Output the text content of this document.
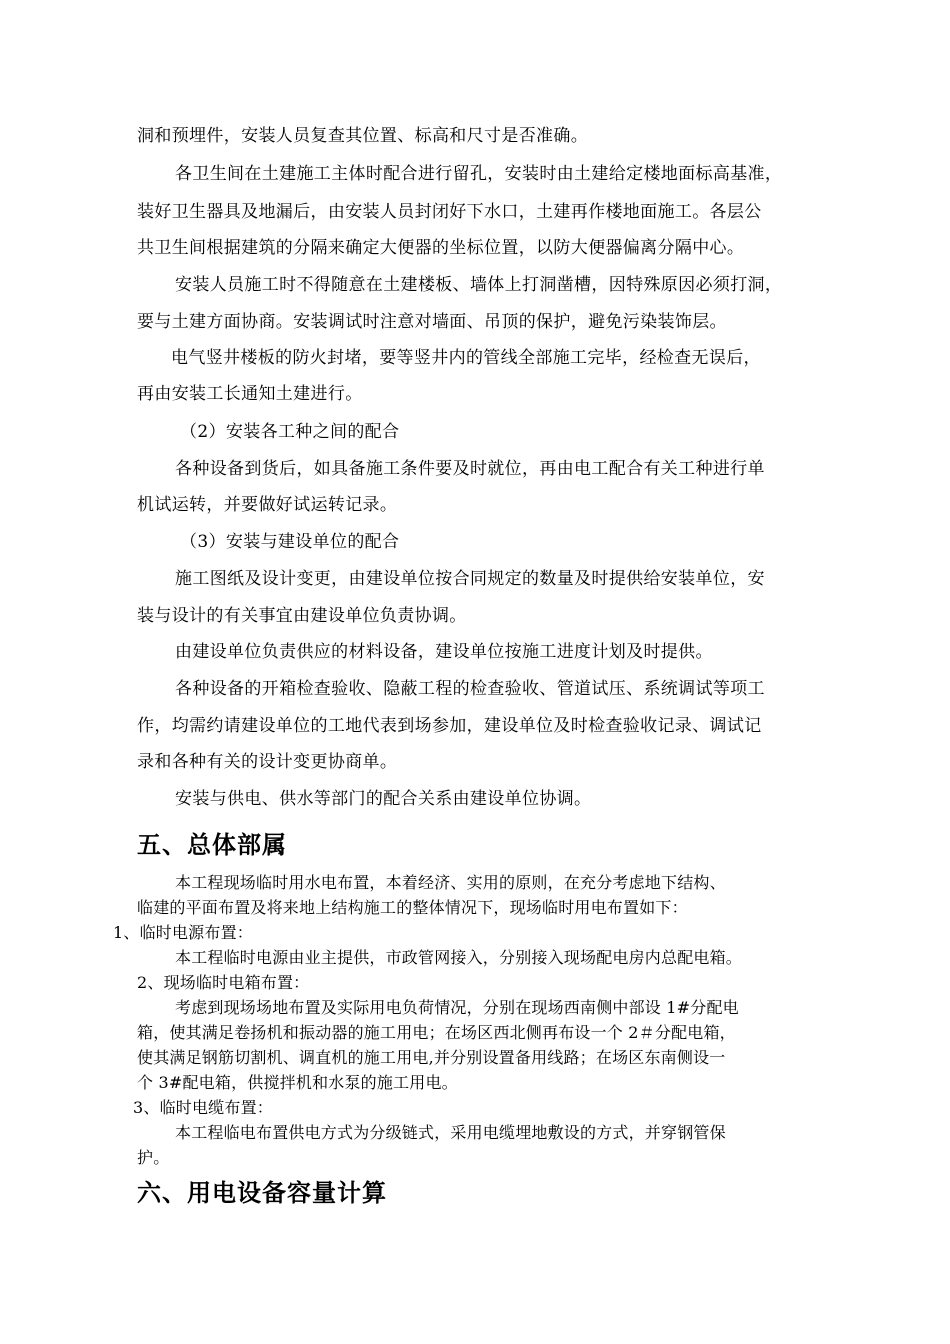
洞和预埋件，安装人员复查其位置、标高和尺寸是否准确。
各卫生间在土建施工主体时配合进行留孔，安装时由土建给定楼地面标高基准，
装好卫生器具及地漏后，由安装人员封闭好下水口，土建再作楼地面施工。各层公
共卫生间根据建筑的分隔来确定大便器的坐标位置，以防大便器偏离分隔中心。
安装人员施工时不得随意在土建楼板、墙体上打洞凿槽，因特殊原因必须打洞，
要与土建方面协商。安装调试时注意对墙面、吊顶的保护，避免污染装饰层。
电气竖井楼板的防火封堵，要等竖井内的管线全部施工完毕，经检查无误后，
再由安装工长通知土建进行。
（2）安装各工种之间的配合
各种设备到货后，如具备施工条件要及时就位，再由电工配合有关工种进行单
机试运转，并要做好试运转记录。
（3）安装与建设单位的配合
施工图纸及设计变更，由建设单位按合同规定的数量及时提供给安装单位，安
装与设计的有关事宜由建设单位负责协调。
由建设单位负责供应的材料设备，建设单位按施工进度计划及时提供。
各种设备的开箱检查验收、隐蔽工程的检查验收、管道试压、系统调试等项工
作，均需约请建设单位的工地代表到场参加，建设单位及时检查验收记录、调试记
录和各种有关的设计变更协商单。
安装与供电、供水等部门的配合关系由建设单位协调。
五、总体部属
本工程现场临时用水电布置，本着经济、实用的原则，在充分考虑地下结构、
临建的平面布置及将来地上结构施工的整体情况下，现场临时用电布置如下：
1、临时电源布置：
本工程临时电源由业主提供，市政管网接入，分别接入现场配电房内总配电箱。
2、现场临时电箱布置：
考虑到现场场地布置及实际用电负荷情况，分别在现场西南侧中部设 1#分配电
箱，使其满足卷扬机和振动器的施工用电；在场区西北侧再布设一个 2＃分配电箱，
使其满足钢筋切割机、调直机的施工用电,并分别设置备用线路；在场区东南侧设一
个 3#配电箱，供搅拌机和水泵的施工用电。
3、临时电缆布置：
本工程临电布置供电方式为分级链式，采用电缆埋地敷设的方式，并穿钢管保
护。
六、用电设备容量计算
